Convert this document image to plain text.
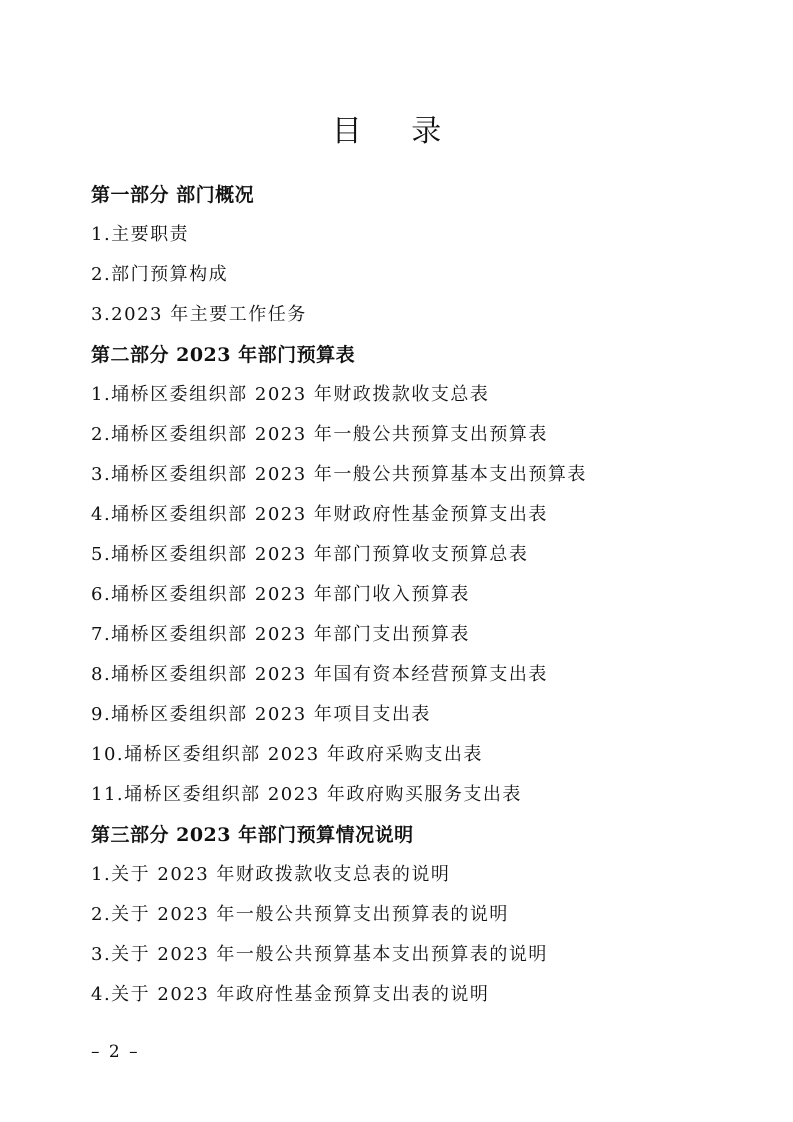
目 录
第一部分 部门概况
1.主要职责
2.部门预算构成
3.2023 年主要工作任务
第二部分 2023 年部门预算表
1.埇桥区委组织部 2023 年财政拨款收支总表
2.埇桥区委组织部 2023 年一般公共预算支出预算表
3.埇桥区委组织部 2023 年一般公共预算基本支出预算表
4.埇桥区委组织部 2023 年财政府性基金预算支出表
5.埇桥区委组织部 2023 年部门预算收支预算总表
6.埇桥区委组织部 2023 年部门收入预算表
7.埇桥区委组织部 2023 年部门支出预算表
8.埇桥区委组织部 2023 年国有资本经营预算支出表
9.埇桥区委组织部 2023 年项目支出表
10.埇桥区委组织部 2023 年政府采购支出表
11.埇桥区委组织部 2023 年政府购买服务支出表
第三部分 2023 年部门预算情况说明
1.关于 2023 年财政拨款收支总表的说明
2.关于 2023 年一般公共预算支出预算表的说明
3.关于 2023 年一般公共预算基本支出预算表的说明
4.关于 2023 年政府性基金预算支出表的说明
– 2 –
